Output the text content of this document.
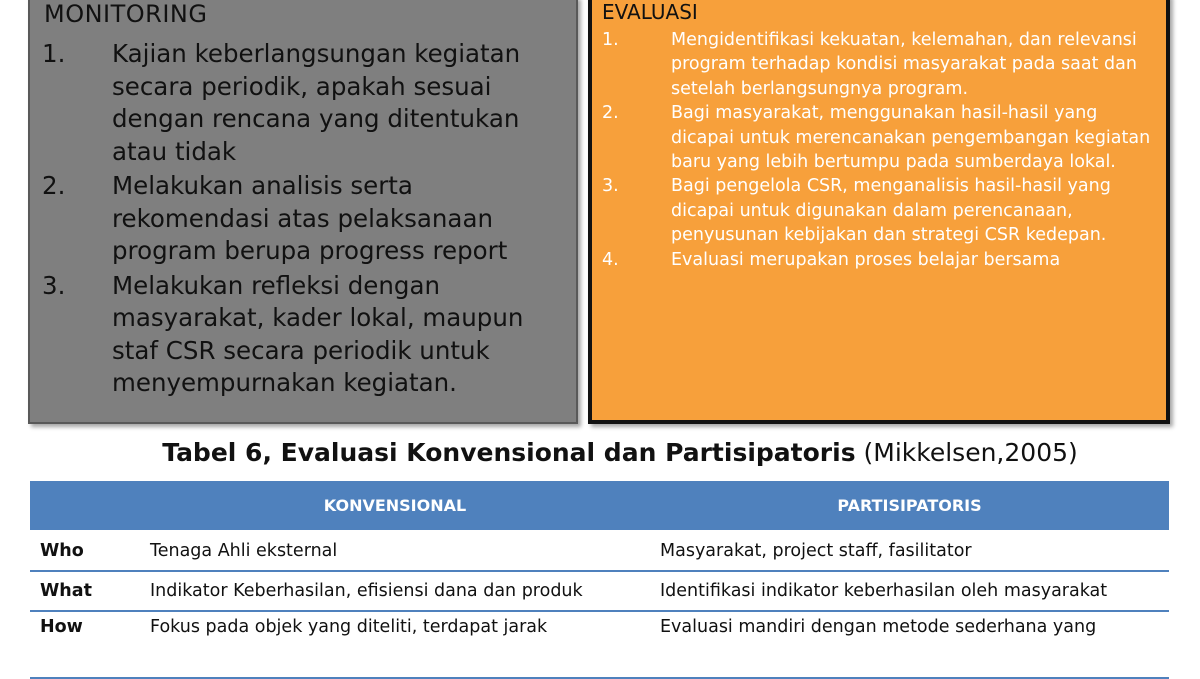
MONITORING
1.	Kajian keberlangsungan kegiatan secara periodik, apakah sesuai dengan rencana yang ditentukan atau tidak
2.	Melakukan analisis serta rekomendasi atas pelaksanaan program berupa progress report
3.	Melakukan refleksi dengan masyarakat, kader lokal, maupun staf CSR secara periodik untuk menyempurnakan kegiatan.
EVALUASI
1.	Mengidentifikasi kekuatan, kelemahan, dan relevansi program terhadap kondisi masyarakat pada saat dan setelah berlangsungnya program.
2.	Bagi masyarakat, menggunakan hasil-hasil yang dicapai untuk merencanakan pengembangan kegiatan baru yang lebih bertumpu pada sumberdaya lokal.
3.	Bagi pengelola CSR, menganalisis hasil-hasil yang dicapai untuk digunakan dalam perencanaan, penyusunan kebijakan dan strategi CSR kedepan.
4.	Evaluasi merupakan proses belajar bersama
Tabel 6, Evaluasi Konvensional dan Partisipatoris (Mikkelsen,2005)
	KONVENSIONAL	PARTISIPATORIS
Who	Tenaga Ahli eksternal	Masyarakat, project staff, fasilitator
What	Indikator Keberhasilan, efisiensi dana dan produk	Identifikasi indikator keberhasilan oleh masyarakat
How	Fokus pada objek yang diteliti, terdapat jarak	Evaluasi mandiri dengan metode sederhana yang
